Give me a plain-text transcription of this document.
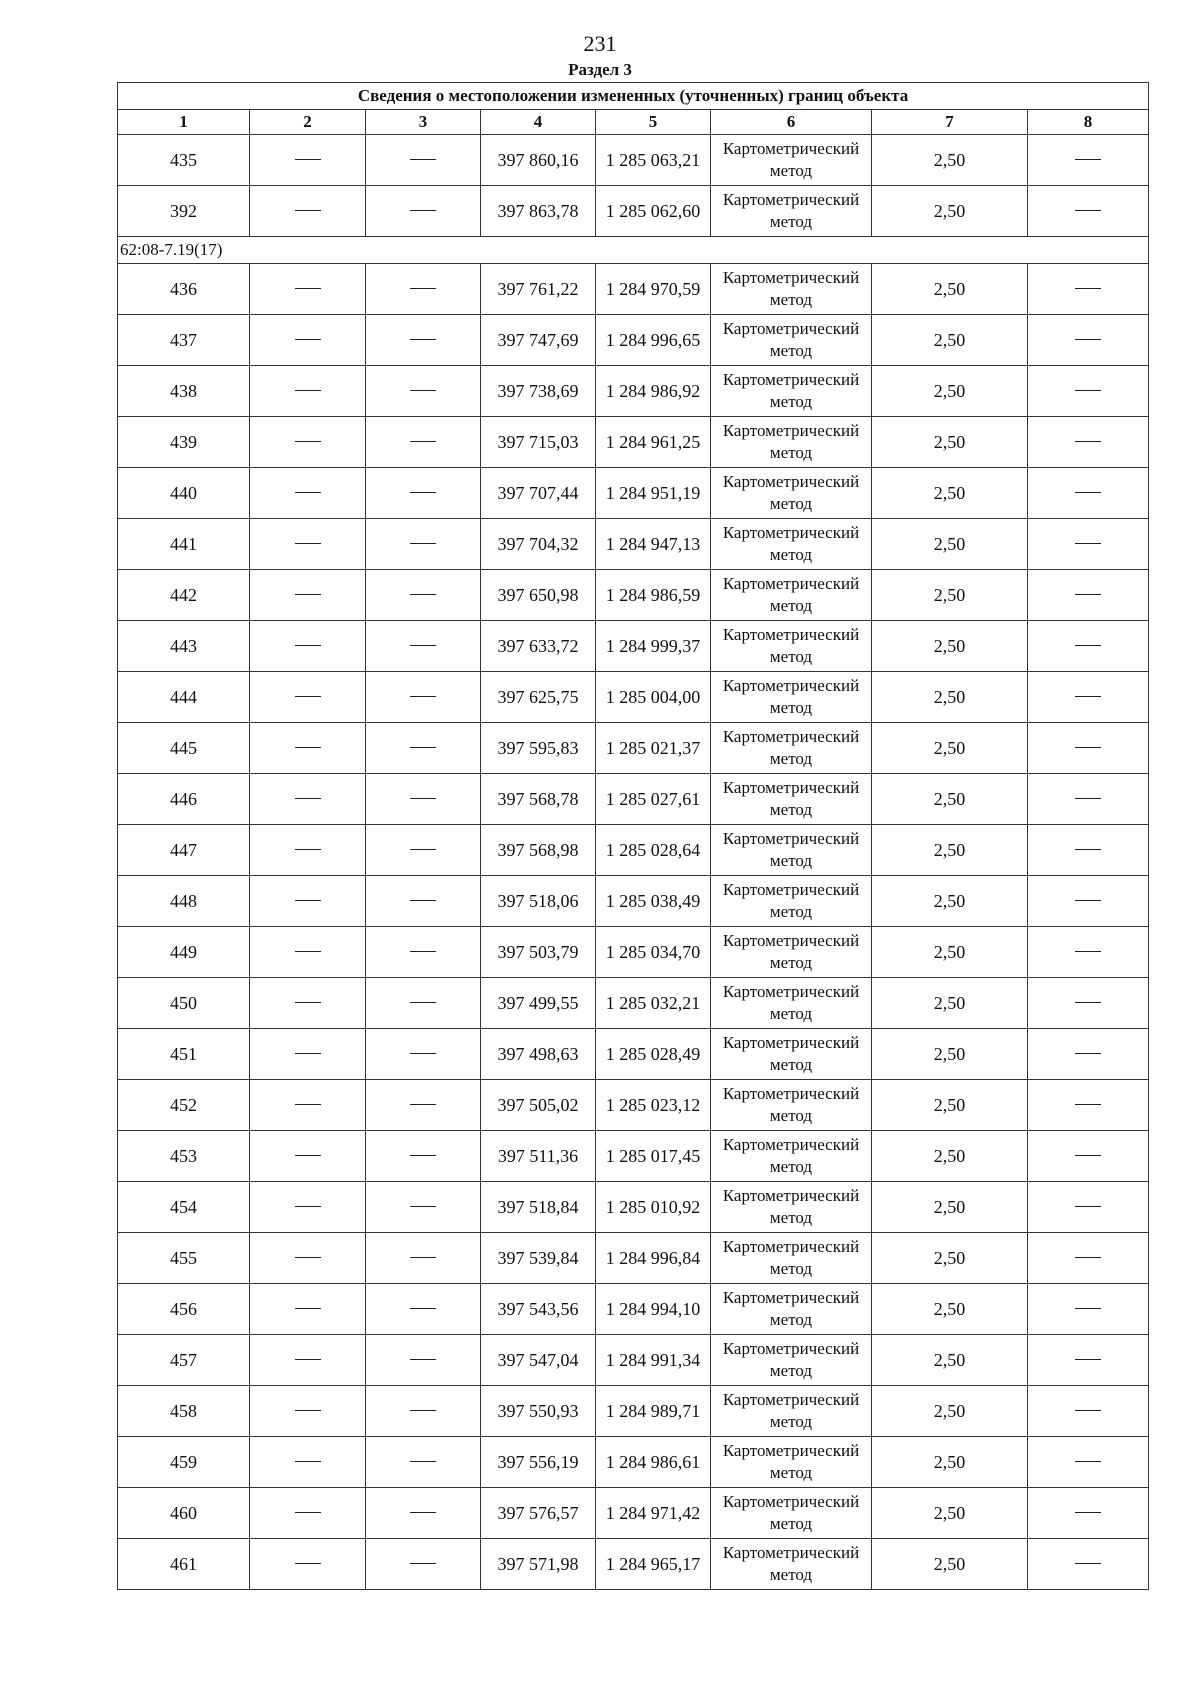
231
Раздел 3
Сведения о местоположении измененных (уточненных) границ объекта							
1	2	3	4	5	6	7	8
435			397 860,16	1 285 063,21	Картометрический метод	2,50	
392			397 863,78	1 285 062,60	Картометрический метод	2,50	
62:08-7.19(17)							
436			397 761,22	1 284 970,59	Картометрический метод	2,50	
437			397 747,69	1 284 996,65	Картометрический метод	2,50	
438			397 738,69	1 284 986,92	Картометрический метод	2,50	
439			397 715,03	1 284 961,25	Картометрический метод	2,50	
440			397 707,44	1 284 951,19	Картометрический метод	2,50	
441			397 704,32	1 284 947,13	Картометрический метод	2,50	
442			397 650,98	1 284 986,59	Картометрический метод	2,50	
443			397 633,72	1 284 999,37	Картометрический метод	2,50	
444			397 625,75	1 285 004,00	Картометрический метод	2,50	
445			397 595,83	1 285 021,37	Картометрический метод	2,50	
446			397 568,78	1 285 027,61	Картометрический метод	2,50	
447			397 568,98	1 285 028,64	Картометрический метод	2,50	
448			397 518,06	1 285 038,49	Картометрический метод	2,50	
449			397 503,79	1 285 034,70	Картометрический метод	2,50	
450			397 499,55	1 285 032,21	Картометрический метод	2,50	
451			397 498,63	1 285 028,49	Картометрический метод	2,50	
452			397 505,02	1 285 023,12	Картометрический метод	2,50	
453			397 511,36	1 285 017,45	Картометрический метод	2,50	
454			397 518,84	1 285 010,92	Картометрический метод	2,50	
455			397 539,84	1 284 996,84	Картометрический метод	2,50	
456			397 543,56	1 284 994,10	Картометрический метод	2,50	
457			397 547,04	1 284 991,34	Картометрический метод	2,50	
458			397 550,93	1 284 989,71	Картометрический метод	2,50	
459			397 556,19	1 284 986,61	Картометрический метод	2,50	
460			397 576,57	1 284 971,42	Картометрический метод	2,50	
461			397 571,98	1 284 965,17	Картометрический метод	2,50	
